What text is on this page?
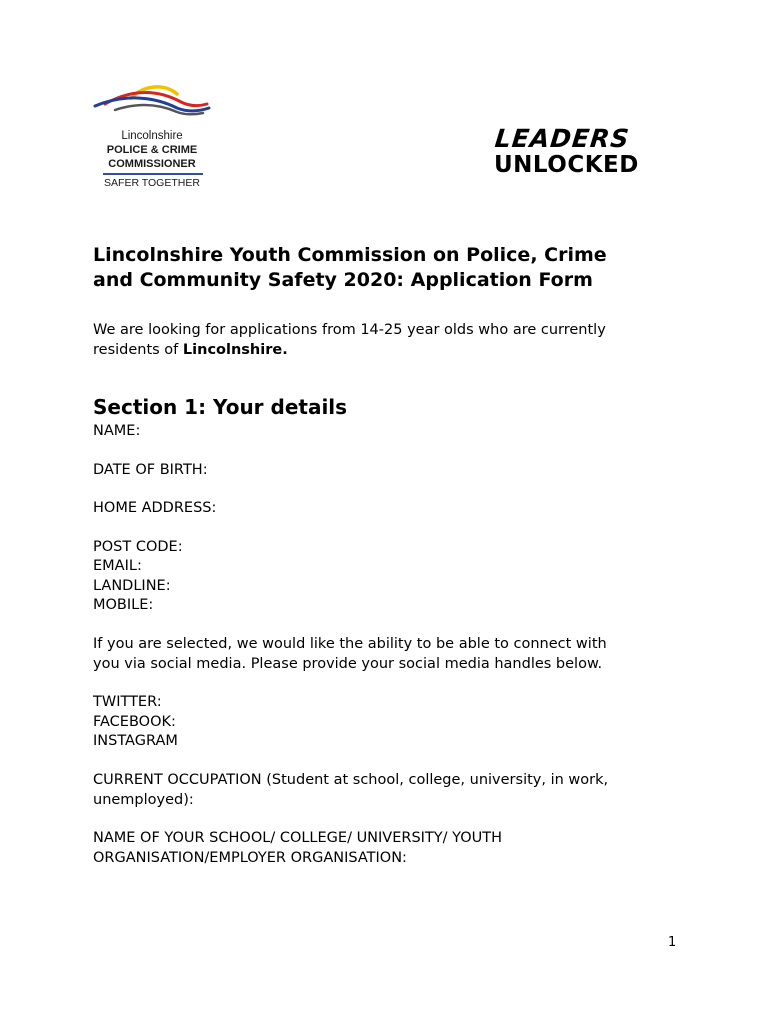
Lincolnshire
POLICE & CRIME
COMMISSIONER
SAFER TOGETHER
LEADERS
UNLOCKED
Lincolnshire Youth Commission on Police, Crime
and Community Safety 2020: Application Form

We are looking for applications from 14-25 year olds who are currently
residents of Lincolnshire.

Section 1: Your details
NAME:
DATE OF BIRTH:
HOME ADDRESS:
POST CODE:
EMAIL:
LANDLINE:
MOBILE:
If you are selected, we would like the ability to be able to connect with
you via social media. Please provide your social media handles below.
TWITTER:
FACEBOOK:
INSTAGRAM
CURRENT OCCUPATION (Student at school, college, university, in work,
unemployed):
NAME OF YOUR SCHOOL/ COLLEGE/ UNIVERSITY/ YOUTH
ORGANISATION/EMPLOYER ORGANISATION:
1
